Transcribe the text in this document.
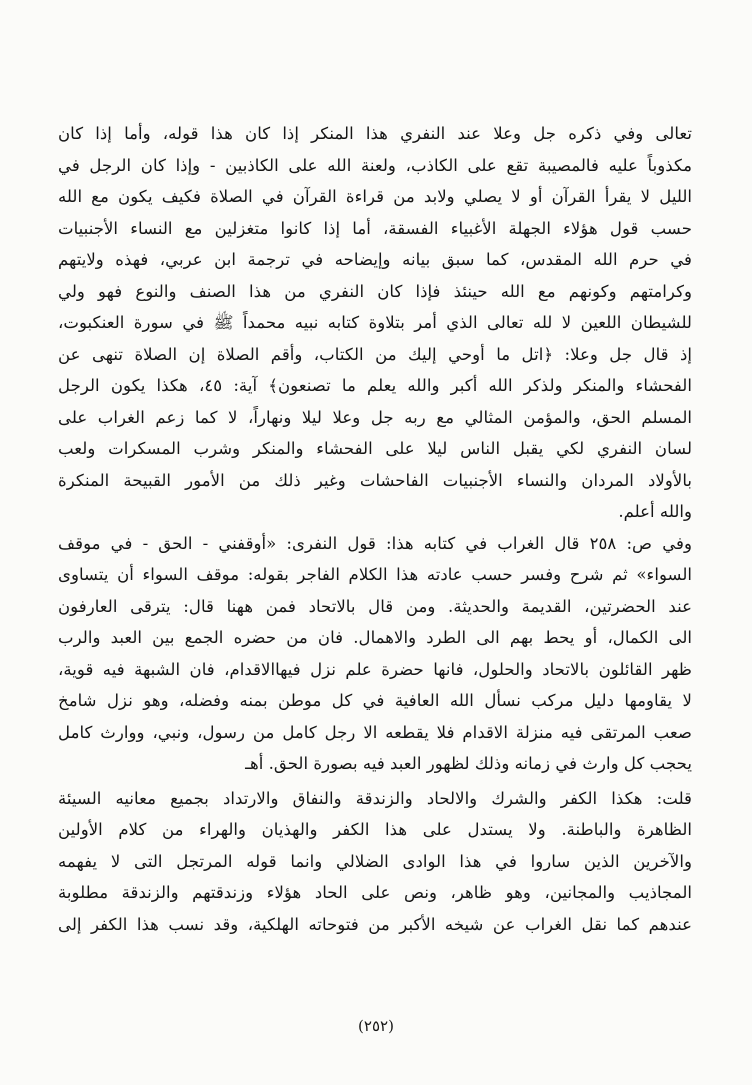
تعالى وفي ذكره جل وعلا عند النفري هذا المنكر إذا كان هذا قوله، وأما إذا كان
مكذوباً عليه فالمصيبة تقع على الكاذب، ولعنة الله على الكاذبين - وإذا كان الرجل في
الليل لا يقرأ القرآن أو لا يصلي ولابد من قراءة القرآن في الصلاة فكيف يكون مع الله
حسب قول هؤلاء الجهلة الأغبياء الفسقة، أما إذا كانوا متغزلين مع النساء الأجنبيات
في حرم الله المقدس، كما سبق بيانه وإيضاحه في ترجمة ابن عربي، فهذه ولايتهم
وكرامتهم وكونهم مع الله حينئذ فإذا كان النفري من هذا الصنف والنوع فهو ولي
للشيطان اللعين لا لله تعالى الذي أمر بتلاوة كتابه نبيه محمداً ﷺ في سورة العنكبوت،
إذ قال جل وعلا: ﴿اتل ما أوحي إليك من الكتاب، وأقم الصلاة إن الصلاة تنهى عن
الفحشاء والمنكر ولذكر الله أكبر والله يعلم ما تصنعون﴾ آية: ٤٥، هكذا يكون الرجل
المسلم الحق، والمؤمن المثالي مع ربه جل وعلا ليلا ونهاراً، لا كما زعم الغراب على
لسان النفري لكي يقبل الناس ليلا على الفحشاء والمنكر وشرب المسكرات ولعب
بالأولاد المردان والنساء الأجنبيات الفاحشات وغير ذلك من الأمور القبيحة المنكرة
والله أعلم.
وفي ص: ٢٥٨ قال الغراب في كتابه هذا: قول النفرى: «أوقفني - الحق - في موقف
السواء» ثم شرح وفسر حسب عادته هذا الكلام الفاجر بقوله: موقف السواء أن يتساوى
عند الحضرتين، القديمة والحديثة. ومن قال بالاتحاد فمن ههنا قال: يترقى العارفون
الى الكمال، أو يحط بهم الى الطرد والاهمال. فان من حضره الجمع بين العبد والرب
ظهر القائلون بالاتحاد والحلول، فانها حضرة علم نزل فيهاالاقدام، فان الشبهة فيه قوية،
لا يقاومها دليل مركب نسأل الله العافية في كل موطن بمنه وفضله، وهو نزل شامخ
صعب المرتقى فيه منزلة الاقدام فلا يقطعه الا رجل كامل من رسول، ونبي، ووارث كامل
يحجب كل وارث في زمانه وذلك لظهور العبد فيه بصورة الحق. أهـ
قلت: هكذا الكفر والشرك والالحاد والزندقة والنفاق والارتداد بجميع معانيه السيئة
الظاهرة والباطنة. ولا يستدل على هذا الكفر والهذيان والهراء من كلام الأولين
والآخرين الذين ساروا في هذا الوادى الضلالي وانما قوله المرتجل التى لا يفهمه
المجاذيب والمجانين، وهو ظاهر، ونص على الحاد هؤلاء وزندقتهم والزندقة مطلوبة
عندهم كما نقل الغراب عن شيخه الأكبر من فتوحاته الهلكية، وقد نسب هذا الكفر إلى
(٢٥٢)
